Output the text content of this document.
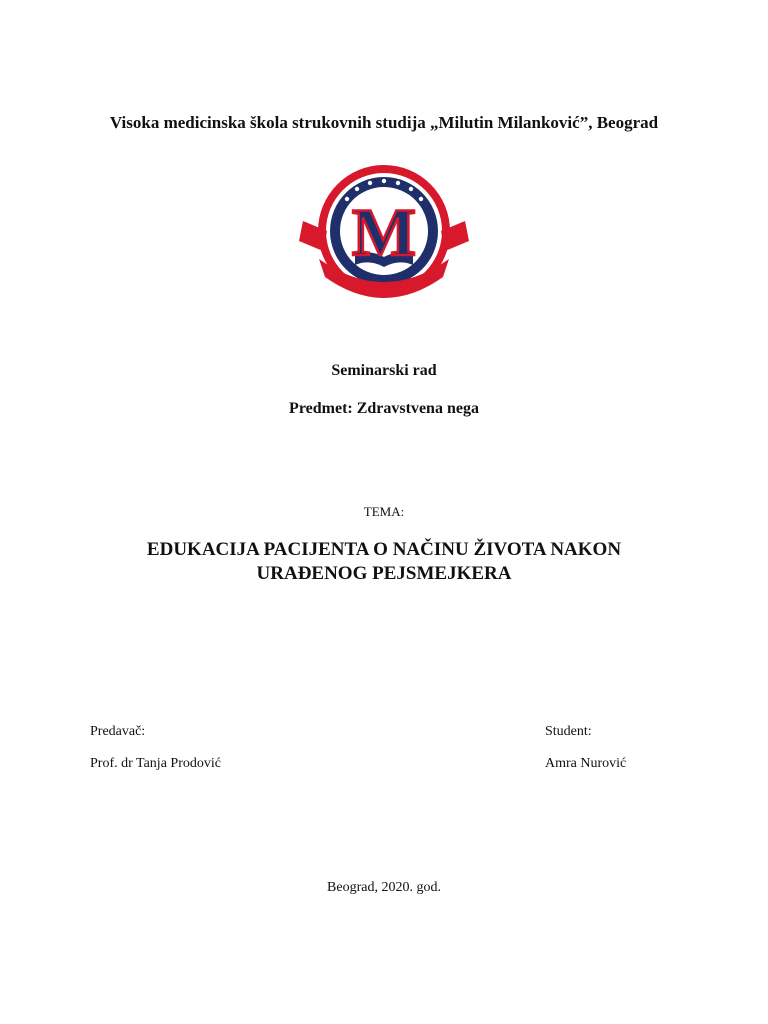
Visoka medicinska škola strukovnih studija „Milutin Milanković”, Beograd
M
Seminarski rad
Predmet: Zdravstvena nega
TEMA:
EDUKACIJA PACIJENTA O NAČINU ŽIVOTA NAKON
URAĐENOG PEJSMEJKERA
Predavač:
Prof. dr Tanja Prodović
Student:
Amra Nurović
Beograd, 2020. god.
